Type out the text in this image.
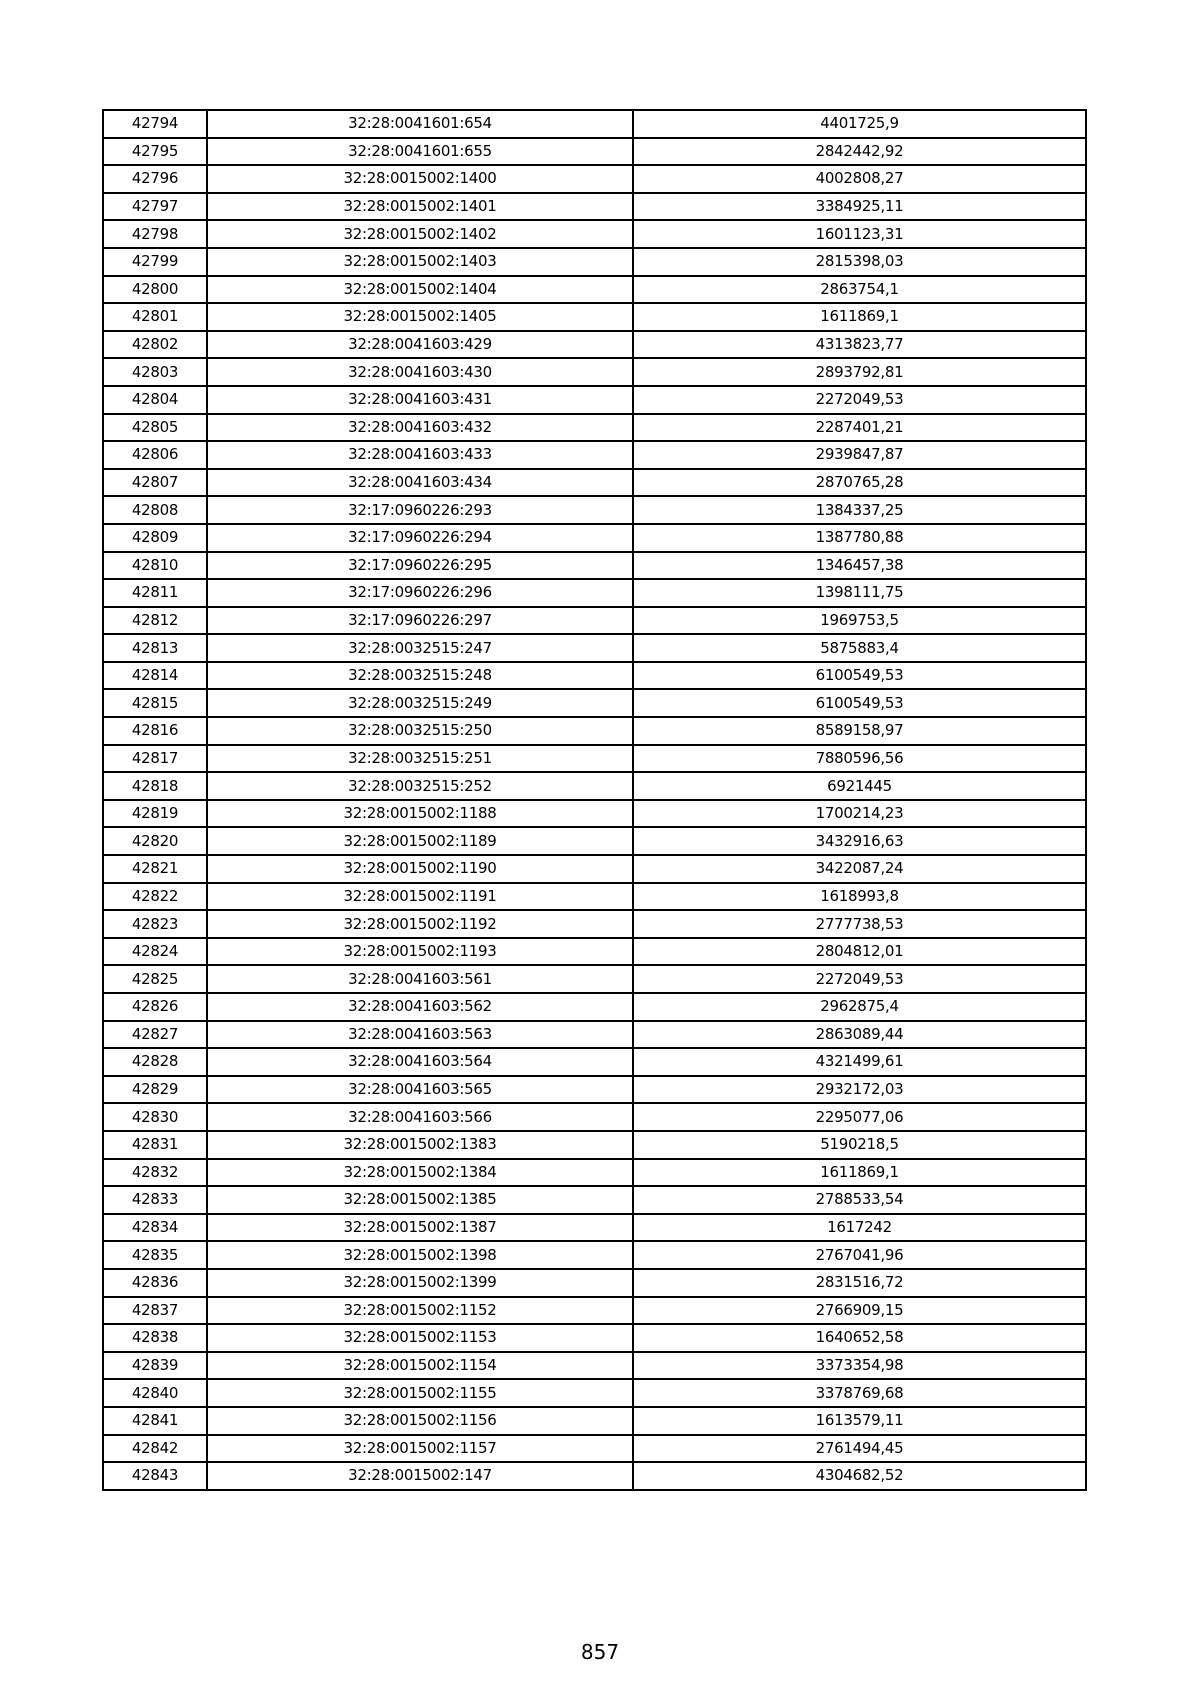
42794	32:28:0041601:654	4401725,9
42795	32:28:0041601:655	2842442,92
42796	32:28:0015002:1400	4002808,27
42797	32:28:0015002:1401	3384925,11
42798	32:28:0015002:1402	1601123,31
42799	32:28:0015002:1403	2815398,03
42800	32:28:0015002:1404	2863754,1
42801	32:28:0015002:1405	1611869,1
42802	32:28:0041603:429	4313823,77
42803	32:28:0041603:430	2893792,81
42804	32:28:0041603:431	2272049,53
42805	32:28:0041603:432	2287401,21
42806	32:28:0041603:433	2939847,87
42807	32:28:0041603:434	2870765,28
42808	32:17:0960226:293	1384337,25
42809	32:17:0960226:294	1387780,88
42810	32:17:0960226:295	1346457,38
42811	32:17:0960226:296	1398111,75
42812	32:17:0960226:297	1969753,5
42813	32:28:0032515:247	5875883,4
42814	32:28:0032515:248	6100549,53
42815	32:28:0032515:249	6100549,53
42816	32:28:0032515:250	8589158,97
42817	32:28:0032515:251	7880596,56
42818	32:28:0032515:252	6921445
42819	32:28:0015002:1188	1700214,23
42820	32:28:0015002:1189	3432916,63
42821	32:28:0015002:1190	3422087,24
42822	32:28:0015002:1191	1618993,8
42823	32:28:0015002:1192	2777738,53
42824	32:28:0015002:1193	2804812,01
42825	32:28:0041603:561	2272049,53
42826	32:28:0041603:562	2962875,4
42827	32:28:0041603:563	2863089,44
42828	32:28:0041603:564	4321499,61
42829	32:28:0041603:565	2932172,03
42830	32:28:0041603:566	2295077,06
42831	32:28:0015002:1383	5190218,5
42832	32:28:0015002:1384	1611869,1
42833	32:28:0015002:1385	2788533,54
42834	32:28:0015002:1387	1617242
42835	32:28:0015002:1398	2767041,96
42836	32:28:0015002:1399	2831516,72
42837	32:28:0015002:1152	2766909,15
42838	32:28:0015002:1153	1640652,58
42839	32:28:0015002:1154	3373354,98
42840	32:28:0015002:1155	3378769,68
42841	32:28:0015002:1156	1613579,11
42842	32:28:0015002:1157	2761494,45
42843	32:28:0015002:147	4304682,52
857
